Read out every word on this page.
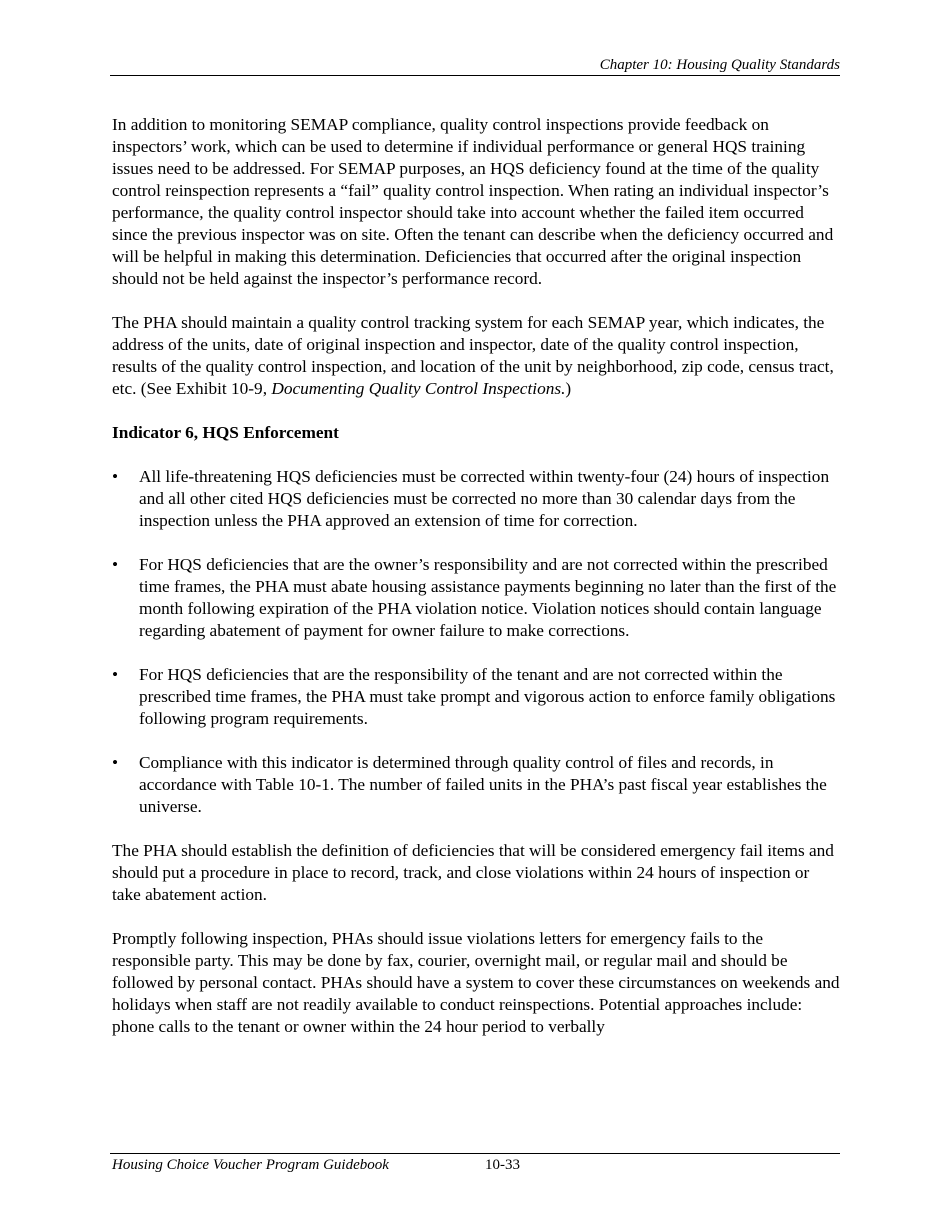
Chapter 10: Housing Quality Standards

In addition to monitoring SEMAP compliance, quality control inspections provide feedback on inspectors’ work, which can be used to determine if individual performance or general HQS training issues need to be addressed. For SEMAP purposes, an HQS deficiency found at the time of the quality control reinspection represents a “fail” quality control inspection. When rating an individual inspector’s performance, the quality control inspector should take into account whether the failed item occurred since the previous inspector was on site. Often the tenant can describe when the deficiency occurred and will be helpful in making this determination. Deficiencies that occurred after the original inspection should not be held against the inspector’s performance record.

The PHA should maintain a quality control tracking system for each SEMAP year, which indicates, the address of the units, date of original inspection and inspector, date of the quality control inspection, results of the quality control inspection, and location of the unit by neighborhood, zip code, census tract, etc. (See Exhibit 10-9, Documenting Quality Control Inspections.)

Indicator 6, HQS Enforcement
• All life-threatening HQS deficiencies must be corrected within twenty-four (24) hours of inspection and all other cited HQS deficiencies must be corrected no more than 30 calendar days from the inspection unless the PHA approved an extension of time for correction.
• For HQS deficiencies that are the owner’s responsibility and are not corrected within the prescribed time frames, the PHA must abate housing assistance payments beginning no later than the first of the month following expiration of the PHA violation notice. Violation notices should contain language regarding abatement of payment for owner failure to make corrections.
• For HQS deficiencies that are the responsibility of the tenant and are not corrected within the prescribed time frames, the PHA must take prompt and vigorous action to enforce family obligations following program requirements.
• Compliance with this indicator is determined through quality control of files and records, in accordance with Table 10-1. The number of failed units in the PHA’s past fiscal year establishes the universe.

The PHA should establish the definition of deficiencies that will be considered emergency fail items and should put a procedure in place to record, track, and close violations within 24 hours of inspection or take abatement action.

Promptly following inspection, PHAs should issue violations letters for emergency fails to the responsible party. This may be done by fax, courier, overnight mail, or regular mail and should be followed by personal contact. PHAs should have a system to cover these circumstances on weekends and holidays when staff are not readily available to conduct reinspections. Potential approaches include: phone calls to the tenant or owner within the 24 hour period to verbally

Housing Choice Voucher Program Guidebook	10-33
